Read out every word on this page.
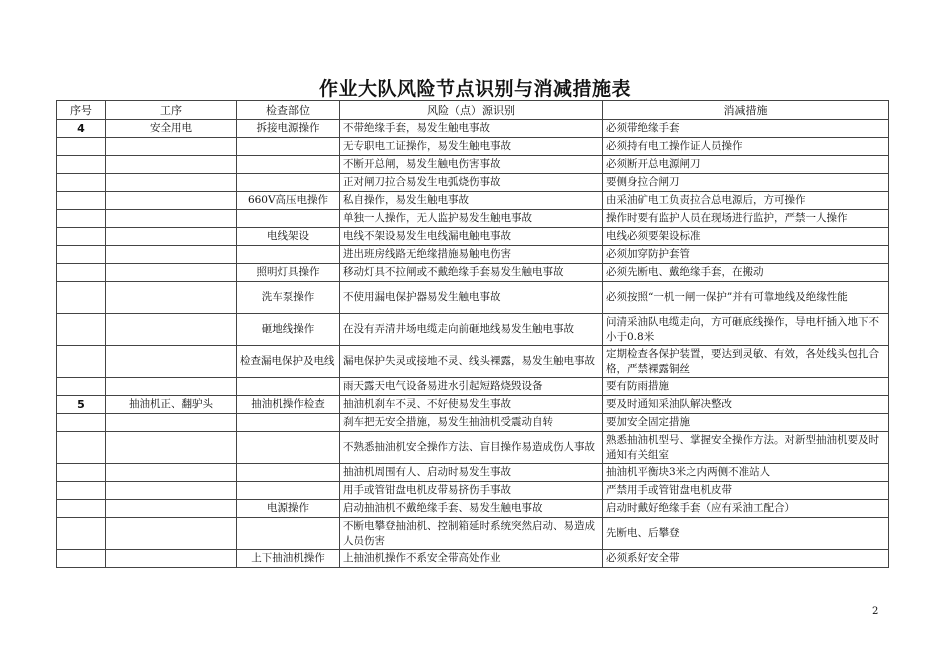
作业大队风险节点识别与消减措施表
序号	工序	检查部位	风险（点）源识别	消减措施
4	安全用电	拆接电源操作	不带绝缘手套，易发生触电事故	必须带绝缘手套
			无专职电工证操作，易发生触电事故	必须持有电工操作证人员操作
			不断开总闸，易发生触电伤害事故	必须断开总电源闸刀
			正对闸刀拉合易发生电弧烧伤事故	要侧身拉合闸刀
		660V高压电操作	私自操作，易发生触电事故	由采油矿电工负责拉合总电源后，方可操作
			单独一人操作，无人监护易发生触电事故	操作时要有监护人员在现场进行监护，严禁一人操作
		电线架设	电线不架设易发生电线漏电触电事故	电线必须要架设标准
			进出班房线路无绝缘措施易触电伤害	必须加穿防护套管
		照明灯具操作	移动灯具不拉闸或不戴绝缘手套易发生触电事故	必须先断电、戴绝缘手套，在搬动
		洗车泵操作	不使用漏电保护器易发生触电事故	必须按照“一机一闸一保护”并有可靠地线及绝缘性能
		砸地线操作	在没有弄清井场电缆走向前砸地线易发生触电事故	问清采油队电缆走向，方可砸底线操作，导电杆插入地下不小于0.8米
		检查漏电保护及电线	漏电保护失灵或接地不灵、线头裸露，易发生触电事故	定期检查各保护装置，要达到灵敏、有效，各处线头包扎合格，严禁裸露铜丝
			雨天露天电气设备易进水引起短路烧毁设备	要有防雨措施
5	抽油机正、翻驴头	抽油机操作检查	抽油机刹车不灵、不好使易发生事故	要及时通知采油队解决整改
			刹车把无安全措施，易发生抽油机受震动自转	要加安全固定措施
			不熟悉抽油机安全操作方法、盲目操作易造成伤人事故	熟悉抽油机型号、掌握安全操作方法。对新型抽油机要及时通知有关组室
			抽油机周围有人、启动时易发生事故	抽油机平衡块3米之内两侧不准站人
			用手或管钳盘电机皮带易挤伤手事故	严禁用手或管钳盘电机皮带
		电源操作	启动抽油机不戴绝缘手套、易发生触电事故	启动时戴好绝缘手套（应有采油工配合）
			不断电攀登抽油机、控制箱延时系统突然启动、易造成人员伤害	先断电、后攀登
		上下抽油机操作	上抽油机操作不系安全带高处作业	必须系好安全带
2
